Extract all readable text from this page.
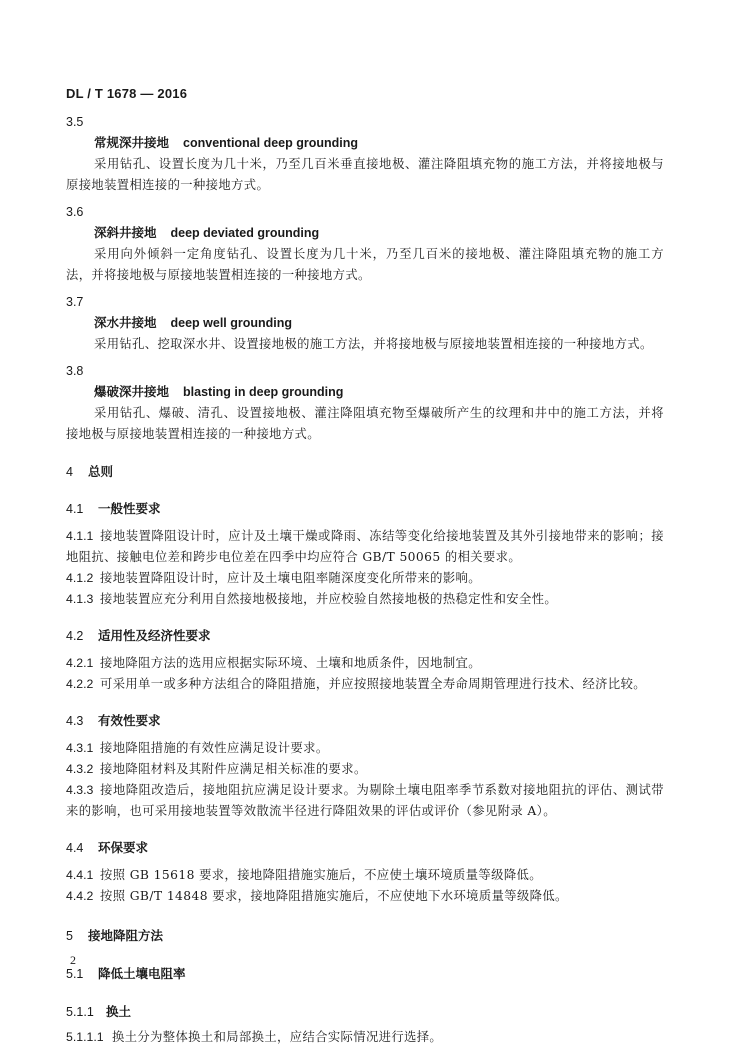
DL / T 1678 — 2016
3.5
常规深井接地 conventional deep grounding
采用钻孔、设置长度为几十米，乃至几百米垂直接地极、灌注降阻填充物的施工方法，并将接地极与原接地装置相连接的一种接地方式。
3.6
深斜井接地 deep deviated grounding
采用向外倾斜一定角度钻孔、设置长度为几十米，乃至几百米的接地极、灌注降阻填充物的施工方法，并将接地极与原接地装置相连接的一种接地方式。
3.7
深水井接地 deep well grounding
采用钻孔、挖取深水井、设置接地极的施工方法，并将接地极与原接地装置相连接的一种接地方式。
3.8
爆破深井接地 blasting in deep grounding
采用钻孔、爆破、清孔、设置接地极、灌注降阻填充物至爆破所产生的纹理和井中的施工方法，并将接地极与原接地装置相连接的一种接地方式。
4 总则
4.1 一般性要求
4.1.1 接地装置降阻设计时，应计及土壤干燥或降雨、冻结等变化给接地装置及其外引接地带来的影响；接地阻抗、接触电位差和跨步电位差在四季中均应符合 GB/T 50065 的相关要求。
4.1.2 接地装置降阻设计时，应计及土壤电阻率随深度变化所带来的影响。
4.1.3 接地装置应充分利用自然接地极接地，并应校验自然接地极的热稳定性和安全性。
4.2 适用性及经济性要求
4.2.1 接地降阻方法的选用应根据实际环境、土壤和地质条件，因地制宜。
4.2.2 可采用单一或多种方法组合的降阻措施，并应按照接地装置全寿命周期管理进行技术、经济比较。
4.3 有效性要求
4.3.1 接地降阻措施的有效性应满足设计要求。
4.3.2 接地降阻材料及其附件应满足相关标准的要求。
4.3.3 接地降阻改造后，接地阻抗应满足设计要求。为剔除土壤电阻率季节系数对接地阻抗的评估、测试带来的影响，也可采用接地装置等效散流半径进行降阻效果的评估或评价（参见附录 A）。
4.4 环保要求
4.4.1 按照 GB 15618 要求，接地降阻措施实施后，不应使土壤环境质量等级降低。
4.4.2 按照 GB/T 14848 要求，接地降阻措施实施后，不应使地下水环境质量等级降低。
5 接地降阻方法
5.1 降低土壤电阻率
5.1.1 换土
5.1.1.1 换土分为整体换土和局部换土，应结合实际情况进行选择。
2
